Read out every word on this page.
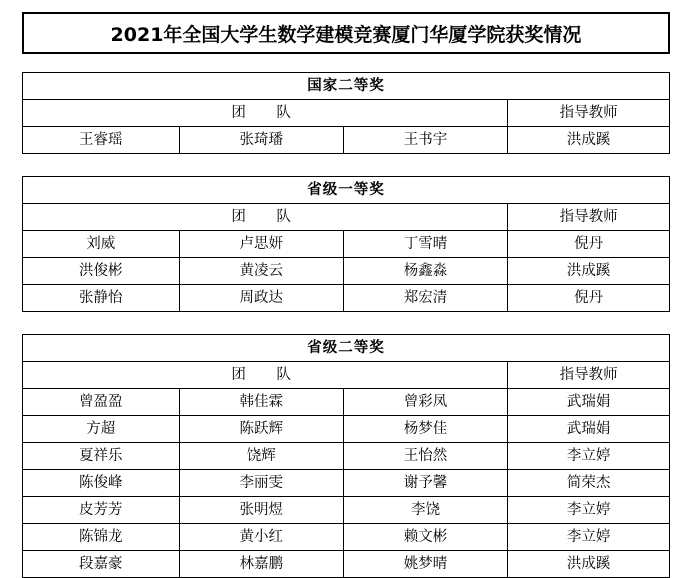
2021年全国大学生数学建模竞赛厦门华厦学院获奖情况
国家二等奖			
团　队			指导教师
王睿瑶	张琦璠	王书宇	洪成蹊
省级一等奖			
团　队			指导教师
刘威	卢思妍	丁雪晴	倪丹
洪俊彬	黄凌云	杨鑫淼	洪成蹊
张静怡	周政达	郑宏清	倪丹
省级二等奖			
团　队			指导教师
曾盈盈	韩佳霖	曾彩凤	武瑞娟
方超	陈跃辉	杨梦佳	武瑞娟
夏祥乐	饶辉	王怡然	李立婷
陈俊峰	李丽雯	谢予馨	简荣杰
皮芳芳	张明煜	李饶	李立婷
陈锦龙	黄小红	赖文彬	李立婷
段嘉豪	林嘉鹏	姚梦晴	洪成蹊
